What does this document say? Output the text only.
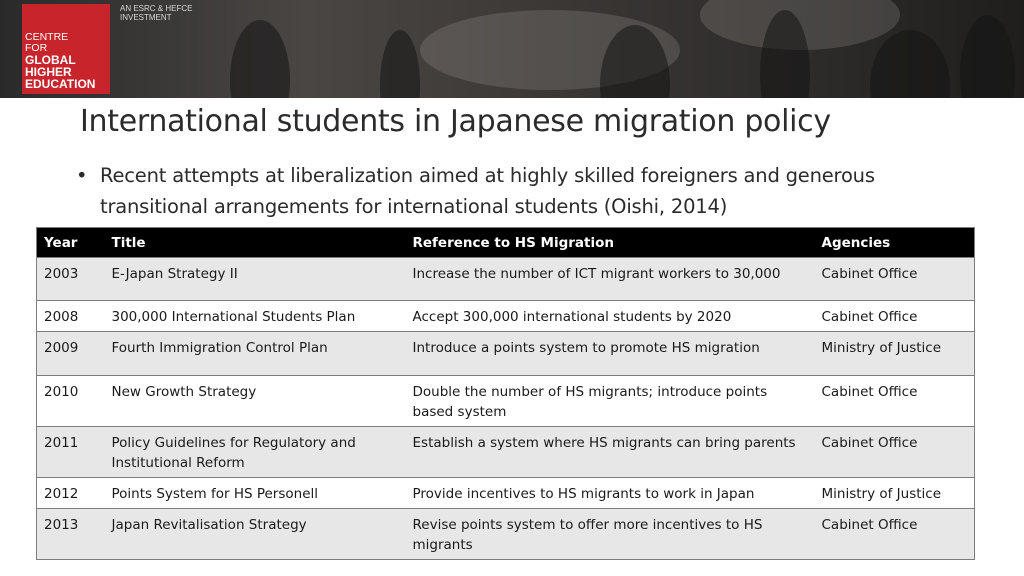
CENTRE
FOR
GLOBAL
HIGHER
EDUCATION
AN ESRC & HEFCE
INVESTMENT
International students in Japanese migration policy
• Recent attempts at liberalization aimed at highly skilled foreigners and generous transitional arrangements for international students (Oishi, 2014)
Year	Title	Reference to HS Migration	Agencies
2003	E-Japan Strategy II	Increase the number of ICT migrant workers to 30,000	Cabinet Office
2008	300,000 International Students Plan	Accept 300,000 international students by 2020	Cabinet Office
2009	Fourth Immigration Control Plan	Introduce a points system to promote HS migration	Ministry of Justice
2010	New Growth Strategy	Double the number of HS migrants; introduce points based system	Cabinet Office
2011	Policy Guidelines for Regulatory and Institutional Reform	Establish a system where HS migrants can bring parents	Cabinet Office
2012	Points System for HS Personell	Provide incentives to HS migrants to work in Japan	Ministry of Justice
2013	Japan Revitalisation Strategy	Revise points system to offer more incentives to HS migrants	Cabinet Office
